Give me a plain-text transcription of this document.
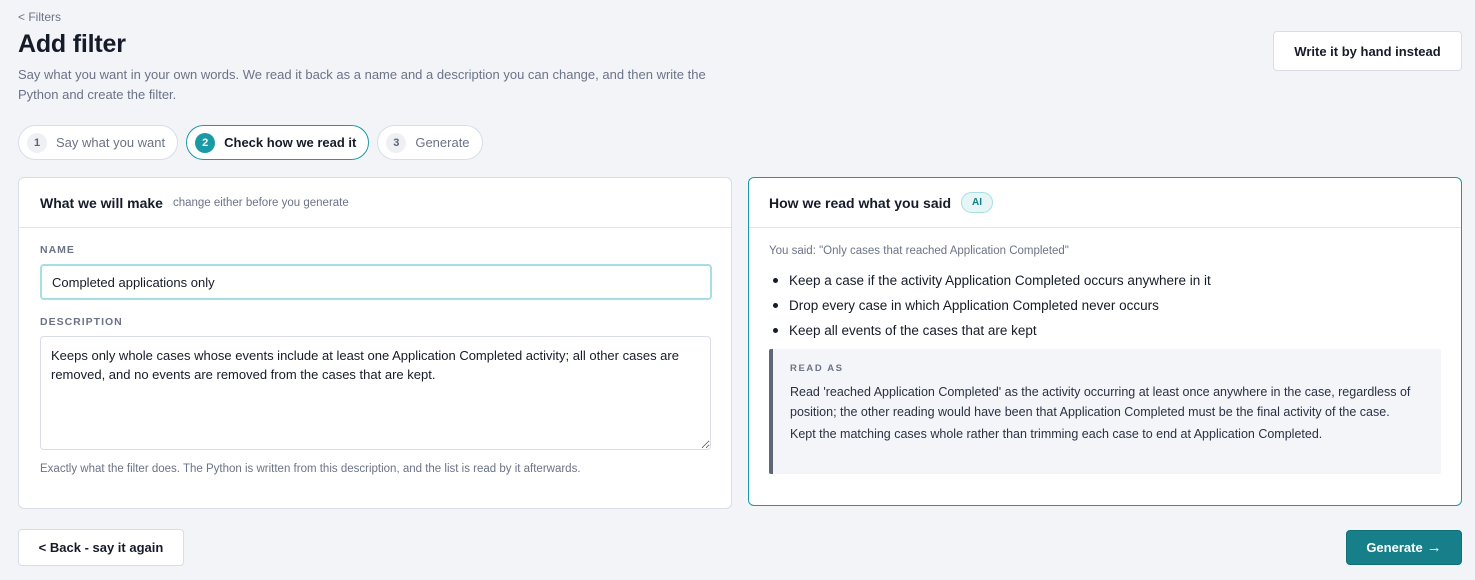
< Filters
Add filter

Say what you want in your own words. We read it back as a name and a description you can change, and then write the Python and create the filter.

Write it by hand instead
1	Say what you want	2	Check how we read it	3	Generate
What we will make change either before you generate
NAME
Completed applications only
DESCRIPTION
Keeps only whole cases whose events include at least one Application Completed activity; all other cases are removed, and no events are removed from the cases that are kept.

Exactly what the filter does. The Python is written from this description, and the list is read by it afterwards.

How we read what you said	AI

You said: "Only cases that reached Application Completed"

Keep a case if the activity Application Completed occurs anywhere in it
Drop every case in which Application Completed never occurs
Keep all events of the cases that are kept
READ AS

Read 'reached Application Completed' as the activity occurring at least once anywhere in the case, regardless of position; the other reading would have been that Application Completed must be the final activity of the case.

Kept the matching cases whole rather than trimming each case to end at Application Completed.

< Back - say it again	Generate →
